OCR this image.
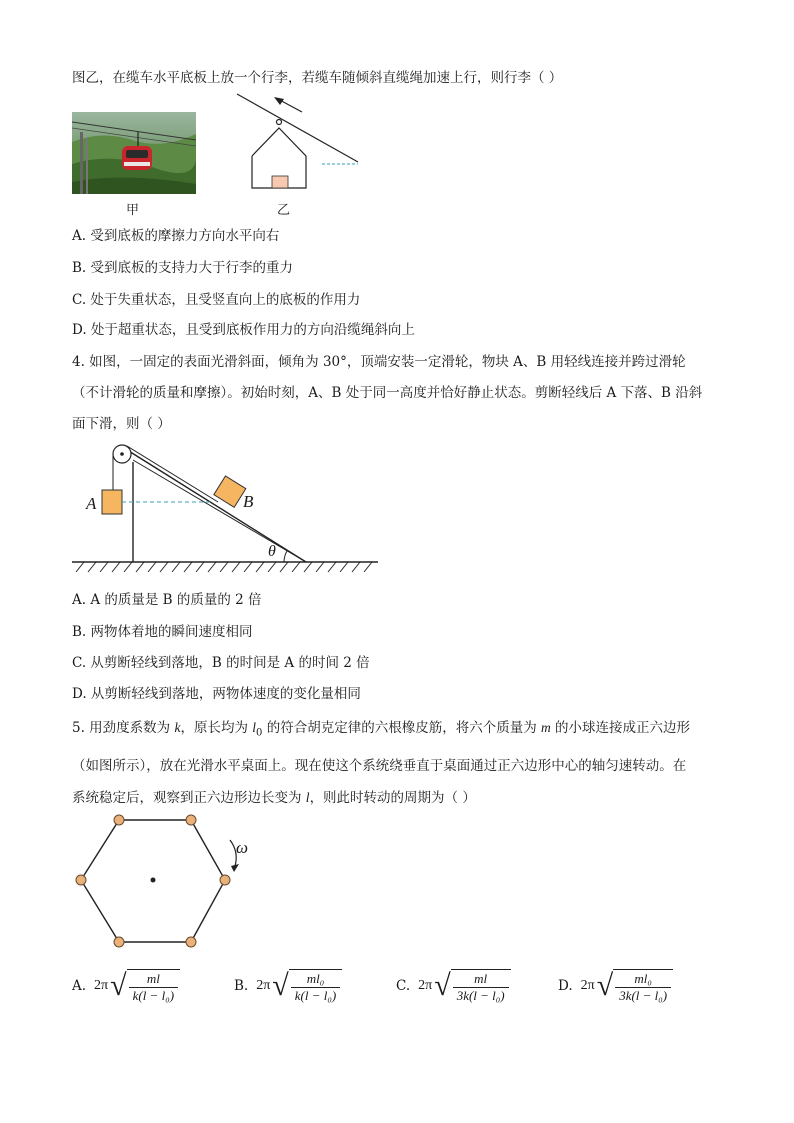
图乙，在缆车水平底板上放一个行李，若缆车随倾斜直缆绳加速上行，则行李（ ）
甲	乙
A. 受到底板的摩擦力方向水平向右
B. 受到底板的支持力大于行李的重力
C. 处于失重状态，且受竖直向上的底板的作用力
D. 处于超重状态，且受到底板作用力的方向沿缆绳斜向上
4. 如图，一固定的表面光滑斜面，倾角为 30°，顶端安装一定滑轮，物块 A、B 用轻线连接并跨过滑轮
（不计滑轮的质量和摩擦）。初始时刻，A、B 处于同一高度并恰好静止状态。剪断轻线后 A 下落、B 沿斜
面下滑，则（ ）
A	B
θ
A. A 的质量是 B 的质量的 2 倍
B. 两物体着地的瞬间速度相同
C. 从剪断轻线到落地，B 的时间是 A 的时间 2 倍
D. 从剪断轻线到落地，两物体速度的变化量相同
5. 用劲度系数为 k，原长均为 $l_0$ 的符合胡克定律的六根橡皮筋，将六个质量为 m 的小球连接成正六边形
（如图所示），放在光滑水平桌面上。现在使这个系统绕垂直于桌面通过正六边形中心的轴匀速转动。在
系统稳定后，观察到正六边形边长变为 l，则此时转动的周期为（ ）
ω
A. 2π √ $\frac{ml}{\text{k(l − l₀)}}$	B. 2π √ $\frac{\text{ml₀}}{\text{k(l − l₀)}}$	C. 2π √ $\frac{ml}{\text{3k(l − l₀)}}$	D. 2π √ $\frac{\text{ml₀}}{\text{3k(l − l₀)}}$
